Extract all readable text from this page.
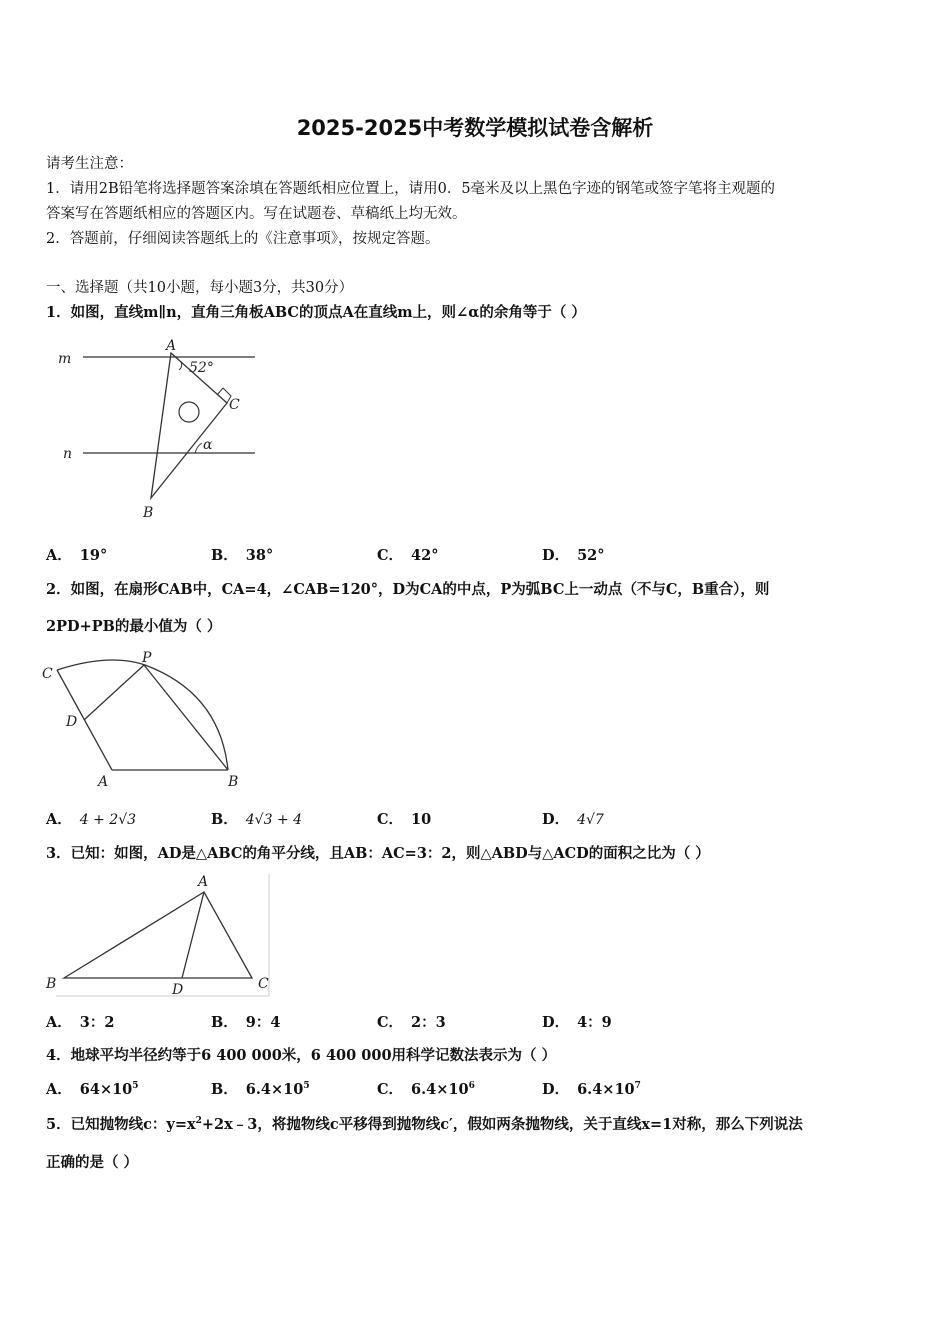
2025-2025中考数学模拟试卷含解析
请考生注意：
1．请用2B铅笔将选择题答案涂填在答题纸相应位置上，请用0．5毫米及以上黑色字迹的钢笔或签字笔将主观题的
答案写在答题纸相应的答题区内。写在试题卷、草稿纸上均无效。
2．答题前，仔细阅读答题纸上的《注意事项》，按规定答题。
一、选择题（共10小题，每小题3分，共30分）
1．如图，直线m∥n，直角三角板ABC的顶点A在直线m上，则∠α的余角等于（ ）
m
n
A
52°
C
α
B
A． 19°	B． 38°	C． 42°	D． 52°
2．如图，在扇形CAB中，CA=4，∠CAB=120°，D为CA的中点，P为弧BC上一动点（不与C，B重合），则
2PD+PB的最小值为（ ）
C
P
D
A	B
A． 4 + 2√3	B． 4√3 + 4	C． 10	D． 4√7
3．已知：如图，AD是△ABC的角平分线，且AB：AC=3：2，则△ABD与△ACD的面积之比为（ ）
A
B	D	C
A． 3：2	B． 9：4	C． 2：3	D． 4：9
4．地球平均半径约等于6 400 000米，6 400 000用科学记数法表示为（ ）
A． $64\times 10^5$	B． $6.4\times 10^5$	C． $6.4\times 10^6$	D． $6.4\times 10^7$
5．已知抛物线c：$y=x^2+2x﹣3$，将抛物线c平移得到抛物线c′，假如两条抛物线，关于直线x=1对称，那么下列说法
正确的是（ ）
